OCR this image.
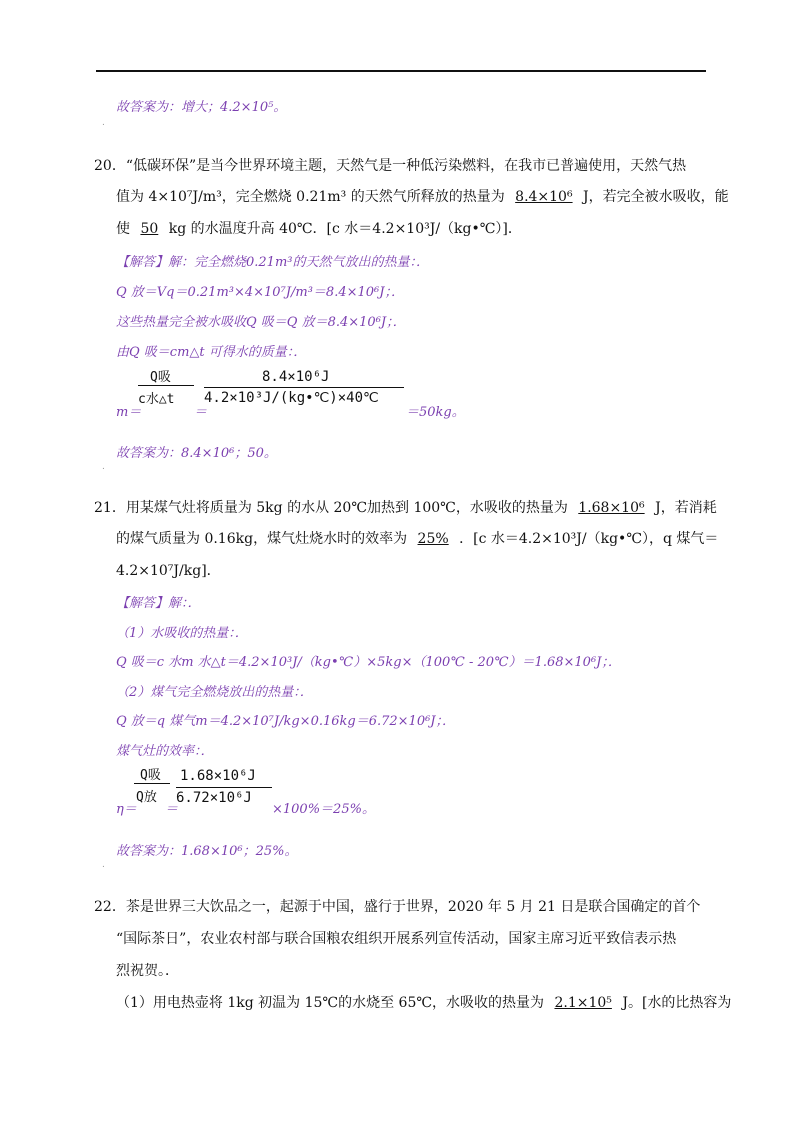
故答案为：增大；4.2×10⁵。
.
20．“低碳环保”是当今世界环境主题，天然气是一种低污染燃料，在我市已普遍使用，天然气热
值为 4×10⁷J/m³，完全燃烧 0.21m³ 的天然气所释放的热量为 8.4×10⁶ J，若完全被水吸收，能
使 50 kg 的水温度升高 40℃．[c 水＝4.2×10³J/（kg•℃）]．
【解答】解：完全燃烧0.21m³的天然气放出的热量：．
Q 放＝Vq＝0.21m³×4×10⁷J/m³＝8.4×10⁶J；．
这些热量完全被水吸收Q 吸＝Q 放＝8.4×10⁶J；．
由Q 吸＝cm△t 可得水的质量：．
Q吸
c水△t
8.4×10⁶J
4.2×10³J/(kg•℃)×40℃
m＝	＝	＝50kg。
故答案为：8.4×10⁶；50。
.
21．用某煤气灶将质量为 5kg 的水从 20℃加热到 100℃，水吸收的热量为 1.68×10⁶ J，若消耗
的煤气质量为 0.16kg，煤气灶烧水时的效率为 25% ．[c 水＝4.2×10³J/（kg•℃），q 煤气＝
4.2×10⁷J/kg]．
【解答】解：．
（1）水吸收的热量：．
Q 吸＝c 水m 水△t＝4.2×10³J/（kg•℃）×5kg×（100℃ - 20℃）＝1.68×10⁶J；．
（2）煤气完全燃烧放出的热量：．
Q 放＝q 煤气m＝4.2×10⁷J/kg×0.16kg＝6.72×10⁶J；．
煤气灶的效率：．
Q吸
Q放
1.68×10⁶J
6.72×10⁶J
η＝ ＝	×100%＝25%。
故答案为：1.68×10⁶；25%。
.
22．茶是世界三大饮品之一，起源于中国，盛行于世界，2020 年 5 月 21 日是联合国确定的首个
“国际茶日”，农业农村部与联合国粮农组织开展系列宣传活动，国家主席习近平致信表示热
烈祝贺。．
（1）用电热壶将 1kg 初温为 15℃的水烧至 65℃，水吸收的热量为 2.1×10⁵ J。[水的比热容为
